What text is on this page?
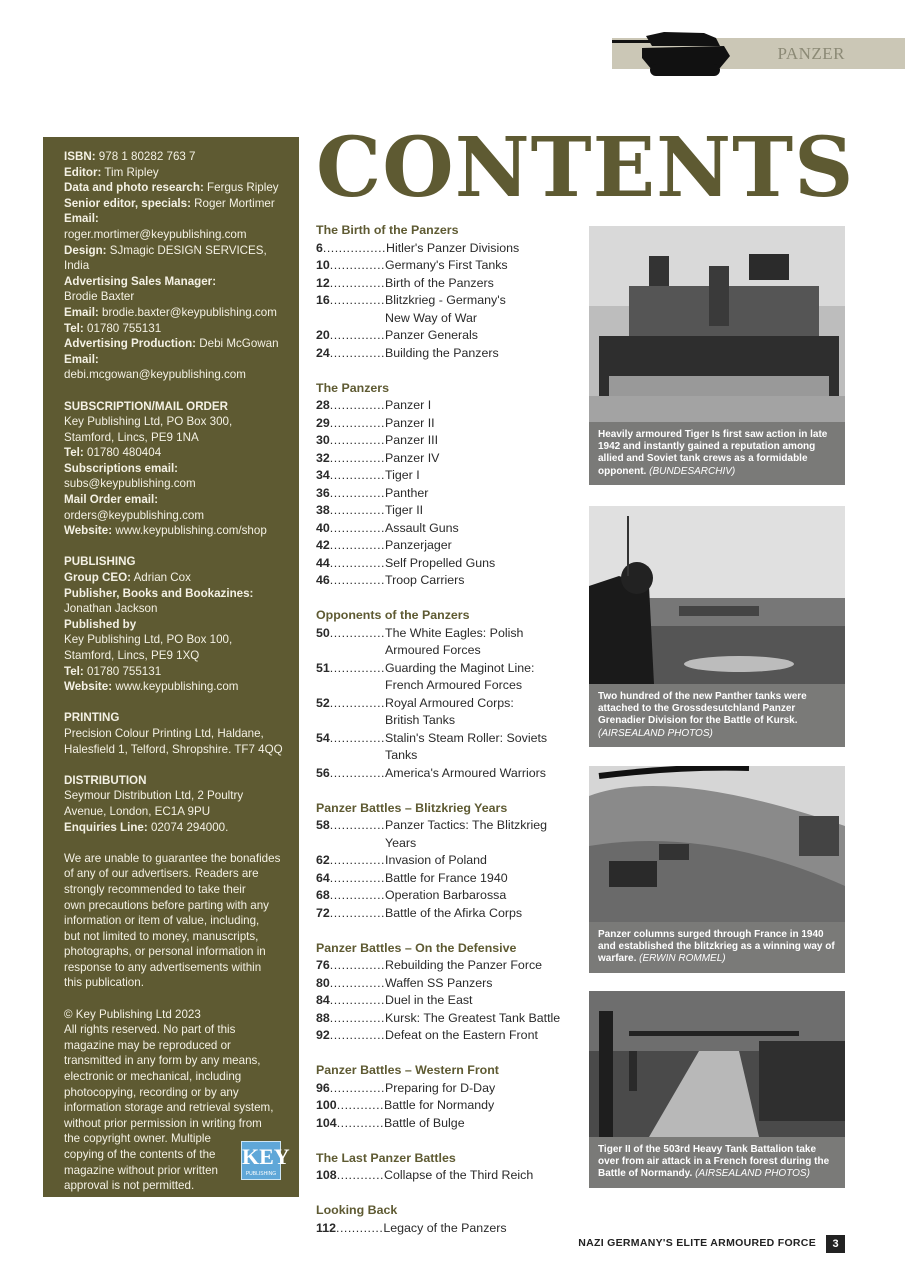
PANZER

ISBN: 978 1 80282 763 7

Editor: Tim Ripley

Data and photo research: Fergus Ripley

Senior editor, specials: Roger Mortimer

Email:

roger.mortimer@keypublishing.com

Design: SJmagic DESIGN SERVICES, India

Advertising Sales Manager:

Brodie Baxter

Email: brodie.baxter@keypublishing.com

Tel: 01780 755131

Advertising Production: Debi McGowan

Email:

debi.mcgowan@keypublishing.com

SUBSCRIPTION/MAIL ORDER

Key Publishing Ltd, PO Box 300,

Stamford, Lincs, PE9 1NA

Tel: 01780 480404

Subscriptions email:

subs@keypublishing.com

Mail Order email:

orders@keypublishing.com

Website: www.keypublishing.com/shop

PUBLISHING

Group CEO: Adrian Cox

Publisher, Books and Bookazines:

Jonathan Jackson

Published by

Key Publishing Ltd, PO Box 100,

Stamford, Lincs, PE9 1XQ

Tel: 01780 755131

Website: www.keypublishing.com

PRINTING

Precision Colour Printing Ltd, Haldane,

Halesfield 1, Telford, Shropshire. TF7 4QQ

DISTRIBUTION

Seymour Distribution Ltd, 2 Poultry

Avenue, London, EC1A 9PU

Enquiries Line: 02074 294000.

We are unable to guarantee the bonafides

of any of our advertisers. Readers are

strongly recommended to take their

own precautions before parting with any

information or item of value, including,

but not limited to money, manuscripts,

photographs, or personal information in

response to any advertisements within

this publication.

© Key Publishing Ltd 2023

All rights reserved. No part of this

magazine may be reproduced or

transmitted in any form by any means,

electronic or mechanical, including

photocopying, recording or by any

information storage and retrieval system,

without prior permission in writing from

the copyright owner. Multiple

copying of the contents of the

magazine without prior written

approval is not permitted.

KEY
PUBLISHING
CONTENTS
The Birth of the Panzers
6 ................ Hitler's Panzer Divisions
10 .............. Germany's First Tanks
12 .............. Birth of the Panzers
16 .............. Blitzkrieg - Germany's
New Way of War
20 .............. Panzer Generals
24 .............. Building the Panzers
The Panzers
28 .............. Panzer I
29 .............. Panzer II
30 .............. Panzer III
32 .............. Panzer IV
34 .............. Tiger I
36 .............. Panther
38 .............. Tiger II
40 .............. Assault Guns
42 .............. Panzerjager
44 .............. Self Propelled Guns
46 .............. Troop Carriers
Opponents of the Panzers
50 .............. The White Eagles: Polish
Armoured Forces
51 .............. Guarding the Maginot Line:
French Armoured Forces
52 .............. Royal Armoured Corps:
British Tanks
54 .............. Stalin's Steam Roller: Soviets Tanks
56 .............. America's Armoured Warriors
Panzer Battles – Blitzkrieg Years
58 .............. Panzer Tactics: The Blitzkrieg Years
62 .............. Invasion of Poland
64 .............. Battle for France 1940
68 .............. Operation Barbarossa
72 .............. Battle of the Afirka Corps
Panzer Battles – On the Defensive
76 .............. Rebuilding the Panzer Force
80 .............. Waffen SS Panzers
84 .............. Duel in the East
88 .............. Kursk: The Greatest Tank Battle
92 .............. Defeat on the Eastern Front
Panzer Battles – Western Front
96 .............. Preparing for D-Day
100 ............ Battle for Normandy
104 ............ Battle of Bulge
The Last Panzer Battles
108 ............ Collapse of the Third Reich
Looking Back
112 ............ Legacy of the Panzers
Heavily armoured Tiger Is first saw action in late 1942 and instantly gained a reputation among allied and Soviet tank crews as a formidable opponent. (BUNDESARCHIV)
Two hundred of the new Panther tanks were attached to the Grossdesutchland Panzer Grenadier Division for the Battle of Kursk. (AIRSEALAND PHOTOS)
Panzer columns surged through France in 1940 and established the blitzkrieg as a winning way of warfare. (ERWIN ROMMEL)
Tiger II of the 503rd Heavy Tank Battalion take over from air attack in a French forest during the Battle of Normandy. (AIRSEALAND PHOTOS)
NAZI GERMANY'S ELITE ARMOURED FORCE	3
